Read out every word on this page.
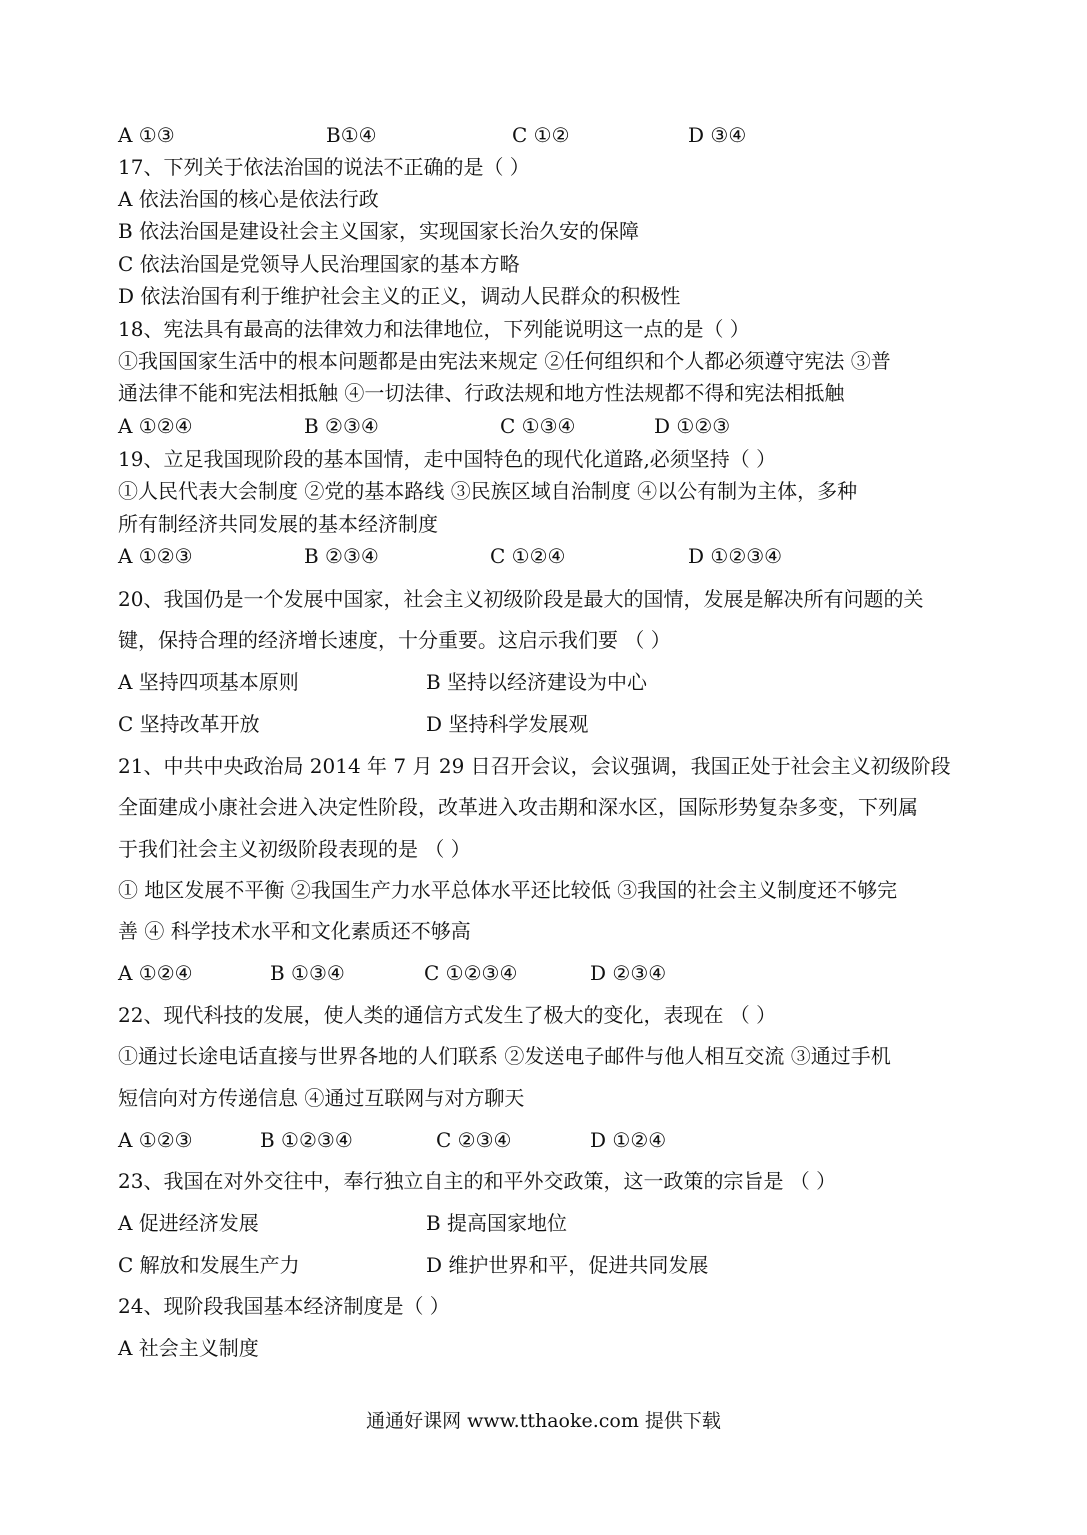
A ①③	B①④	C ①②	D ③④
17、下列关于依法治国的说法不正确的是（ ）
A 依法治国的核心是依法行政
B 依法治国是建设社会主义国家，实现国家长治久安的保障
C 依法治国是党领导人民治理国家的基本方略
D 依法治国有利于维护社会主义的正义，调动人民群众的积极性
18、宪法具有最高的法律效力和法律地位，下列能说明这一点的是（ ）
①我国国家生活中的根本问题都是由宪法来规定 ②任何组织和个人都必须遵守宪法 ③普
通法律不能和宪法相抵触 ④一切法律、行政法规和地方性法规都不得和宪法相抵触
A ①②④	B ②③④	C ①③④	D ①②③
19、立足我国现阶段的基本国情，走中国特色的现代化道路,必须坚持（ ）
①人民代表大会制度 ②党的基本路线 ③民族区域自治制度 ④以公有制为主体，多种
所有制经济共同发展的基本经济制度
A ①②③	B ②③④	C ①②④	D ①②③④
20、我国仍是一个发展中国家，社会主义初级阶段是最大的国情，发展是解决所有问题的关
键，保持合理的经济增长速度，十分重要。这启示我们要 （ ）
A 坚持四项基本原则	B 坚持以经济建设为中心
C 坚持改革开放	D 坚持科学发展观
21、中共中央政治局 2014 年 7 月 29 日召开会议，会议强调，我国正处于社会主义初级阶段
全面建成小康社会进入决定性阶段，改革进入攻击期和深水区，国际形势复杂多变，下列属
于我们社会主义初级阶段表现的是 （ ）
① 地区发展不平衡 ②我国生产力水平总体水平还比较低 ③我国的社会主义制度还不够完
善 ④ 科学技术水平和文化素质还不够高
A ①②④	B ①③④	C ①②③④	D ②③④
22、现代科技的发展，使人类的通信方式发生了极大的变化，表现在 （ ）
①通过长途电话直接与世界各地的人们联系 ②发送电子邮件与他人相互交流 ③通过手机
短信向对方传递信息 ④通过互联网与对方聊天
A ①②③	B ①②③④	C ②③④	D ①②④
23、我国在对外交往中，奉行独立自主的和平外交政策，这一政策的宗旨是 （ ）
A 促进经济发展	B 提高国家地位
C 解放和发展生产力	D 维护世界和平，促进共同发展
24、现阶段我国基本经济制度是（ ）
A 社会主义制度
通通好课网 www.tthaoke.com 提供下载
